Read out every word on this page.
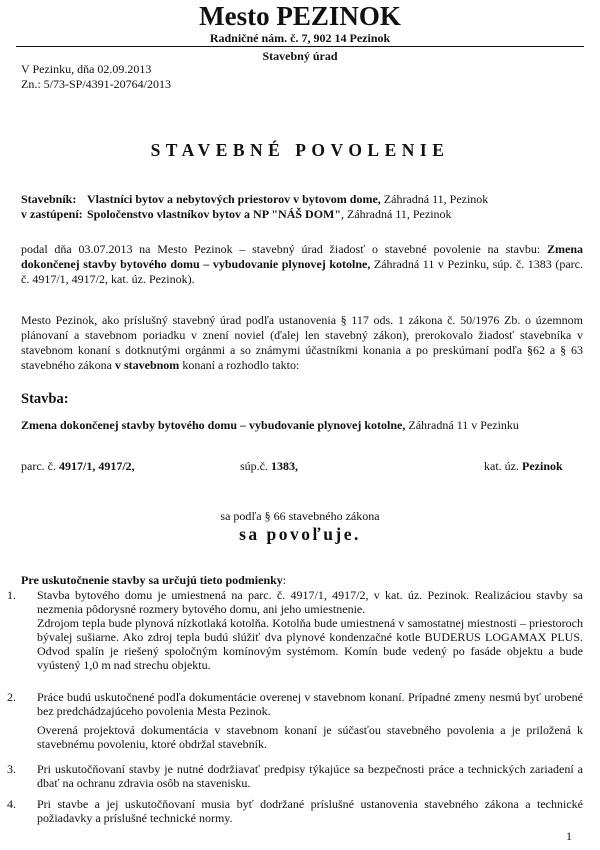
Mesto PEZINOK
Radničné nám. č. 7, 902 14 Pezinok
Stavebný úrad
V Pezinku, dňa 02.09.2013
Zn.: 5/73-SP/4391-20764/2013
STAVEBNÉ POVOLENIE
Stavebník: Vlastníci bytov a nebytových priestorov v bytovom dome, Záhradná 11, Pezinok
v zastúpení: Spoločenstvo vlastníkov bytov a NP "NÁŠ DOM", Záhradná 11, Pezinok
podal dňa 03.07.2013 na Mesto Pezinok – stavebný úrad žiadosť o stavebné povolenie na stavbu: Zmena dokončenej stavby bytového domu – vybudovanie plynovej kotolne, Záhradná 11 v Pezinku, súp. č. 1383 (parc. č. 4917/1, 4917/2, kat. úz. Pezinok).
Mesto Pezinok, ako príslušný stavebný úrad podľa ustanovenia § 117 ods. 1 zákona č. 50/1976 Zb. o územnom plánovaní a stavebnom poriadku v znení noviel (ďalej len stavebný zákon), prerokovalo žiadosť stavebníka v stavebnom konaní s dotknutými orgánmi a so známymi účastníkmi konania a po preskúmaní podľa §62 a § 63 stavebného zákona v stavebnom konaní a rozhodlo takto:
Stavba:
Zmena dokončenej stavby bytového domu – vybudovanie plynovej kotolne, Záhradná 11 v Pezinku
parc. č. 4917/1, 4917/2,	súp.č. 1383,	kat. úz. Pezinok
sa podľa § 66 stavebného zákona
sa povoľuje.
Pre uskutočnenie stavby sa určujú tieto podmienky:
1.	Stavba bytového domu je umiestnená na parc. č. 4917/1, 4917/2, v kat. úz. Pezinok. Realizáciou stavby sa nezmenia pôdorysné rozmery bytového domu, ani jeho umiestnenie.

Zdrojom tepla bude plynová nízkotlaká kotolňa. Kotolňa bude umiestnená v samostatnej miestnosti – priestoroch bývalej sušiarne. Ako zdroj tepla budú slúžiť dva plynové kondenzačné kotle BUDERUS LOGAMAX PLUS. Odvod spalín je riešený spoločným komínovým systémom. Komín bude vedený po fasáde objektu a bude vyústený 1,0 m nad strechu objektu.

2.	Práce budú uskutočnené podľa dokumentácie overenej v stavebnom konaní. Prípadné zmeny nesmú byť urobené bez predchádzajúceho povolenia Mesta Pezinok.

Overená projektová dokumentácia v stavebnom konaní je súčasťou stavebného povolenia a je priložená k stavebnému povoleniu, ktoré obdržal stavebník.

3.	Pri uskutočňovaní stavby je nutné dodržiavať predpisy týkajúce sa bezpečnosti práce a technických zariadení a dbať na ochranu zdravia osôb na stavenisku.

4.	Pri stavbe a jej uskutočňovaní musia byť dodržané príslušné ustanovenia stavebného zákona a technické požiadavky a príslušné technické normy.

1
